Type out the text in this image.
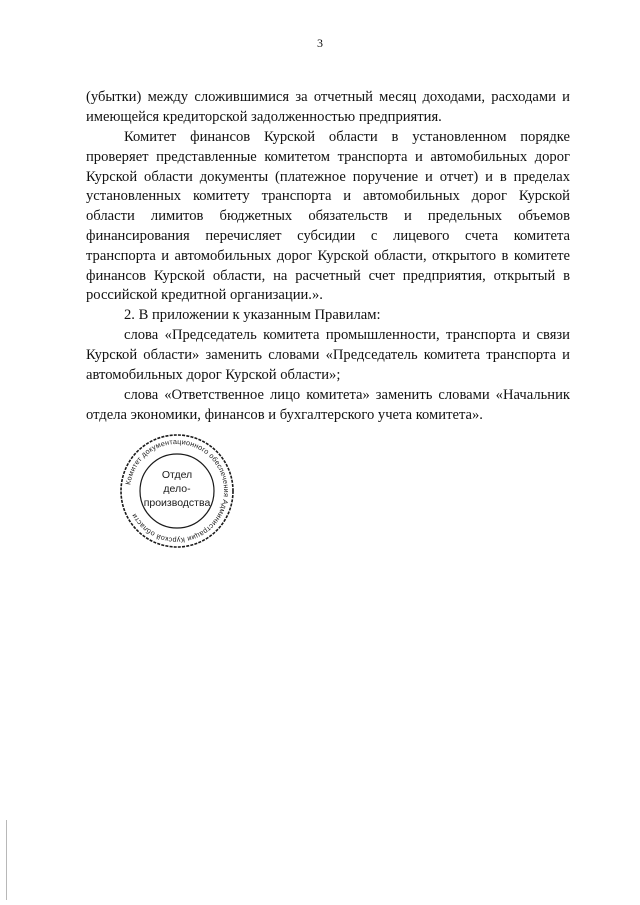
3

(убытки) между сложившимися за отчетный месяц доходами, расходами и имеющейся кредиторской задолженностью предприятия.

Комитет финансов Курской области в установленном порядке проверяет представленные комитетом транспорта и автомобильных дорог Курской области документы (платежное поручение и отчет) и в пределах установленных комитету транспорта и автомобильных дорог Курской области лимитов бюджетных обязательств и предельных объемов финансирования перечисляет субсидии с лицевого счета комитета транспорта и автомобильных дорог Курской области, открытого в комитете финансов Курской области, на расчетный счет предприятия, открытый в российской кредитной организации.».

2. В приложении к указанным Правилам:

слова «Председатель комитета промышленности, транспорта и связи Курской области» заменить словами «Председатель комитета транспорта и автомобильных дорог Курской области»;

слова «Ответственное лицо комитета» заменить словами «Начальник отдела экономики, финансов и бухгалтерского учета комитета».

Комитет документационного обеспечения Администрации Курской области
Отдел
дело-
производства
